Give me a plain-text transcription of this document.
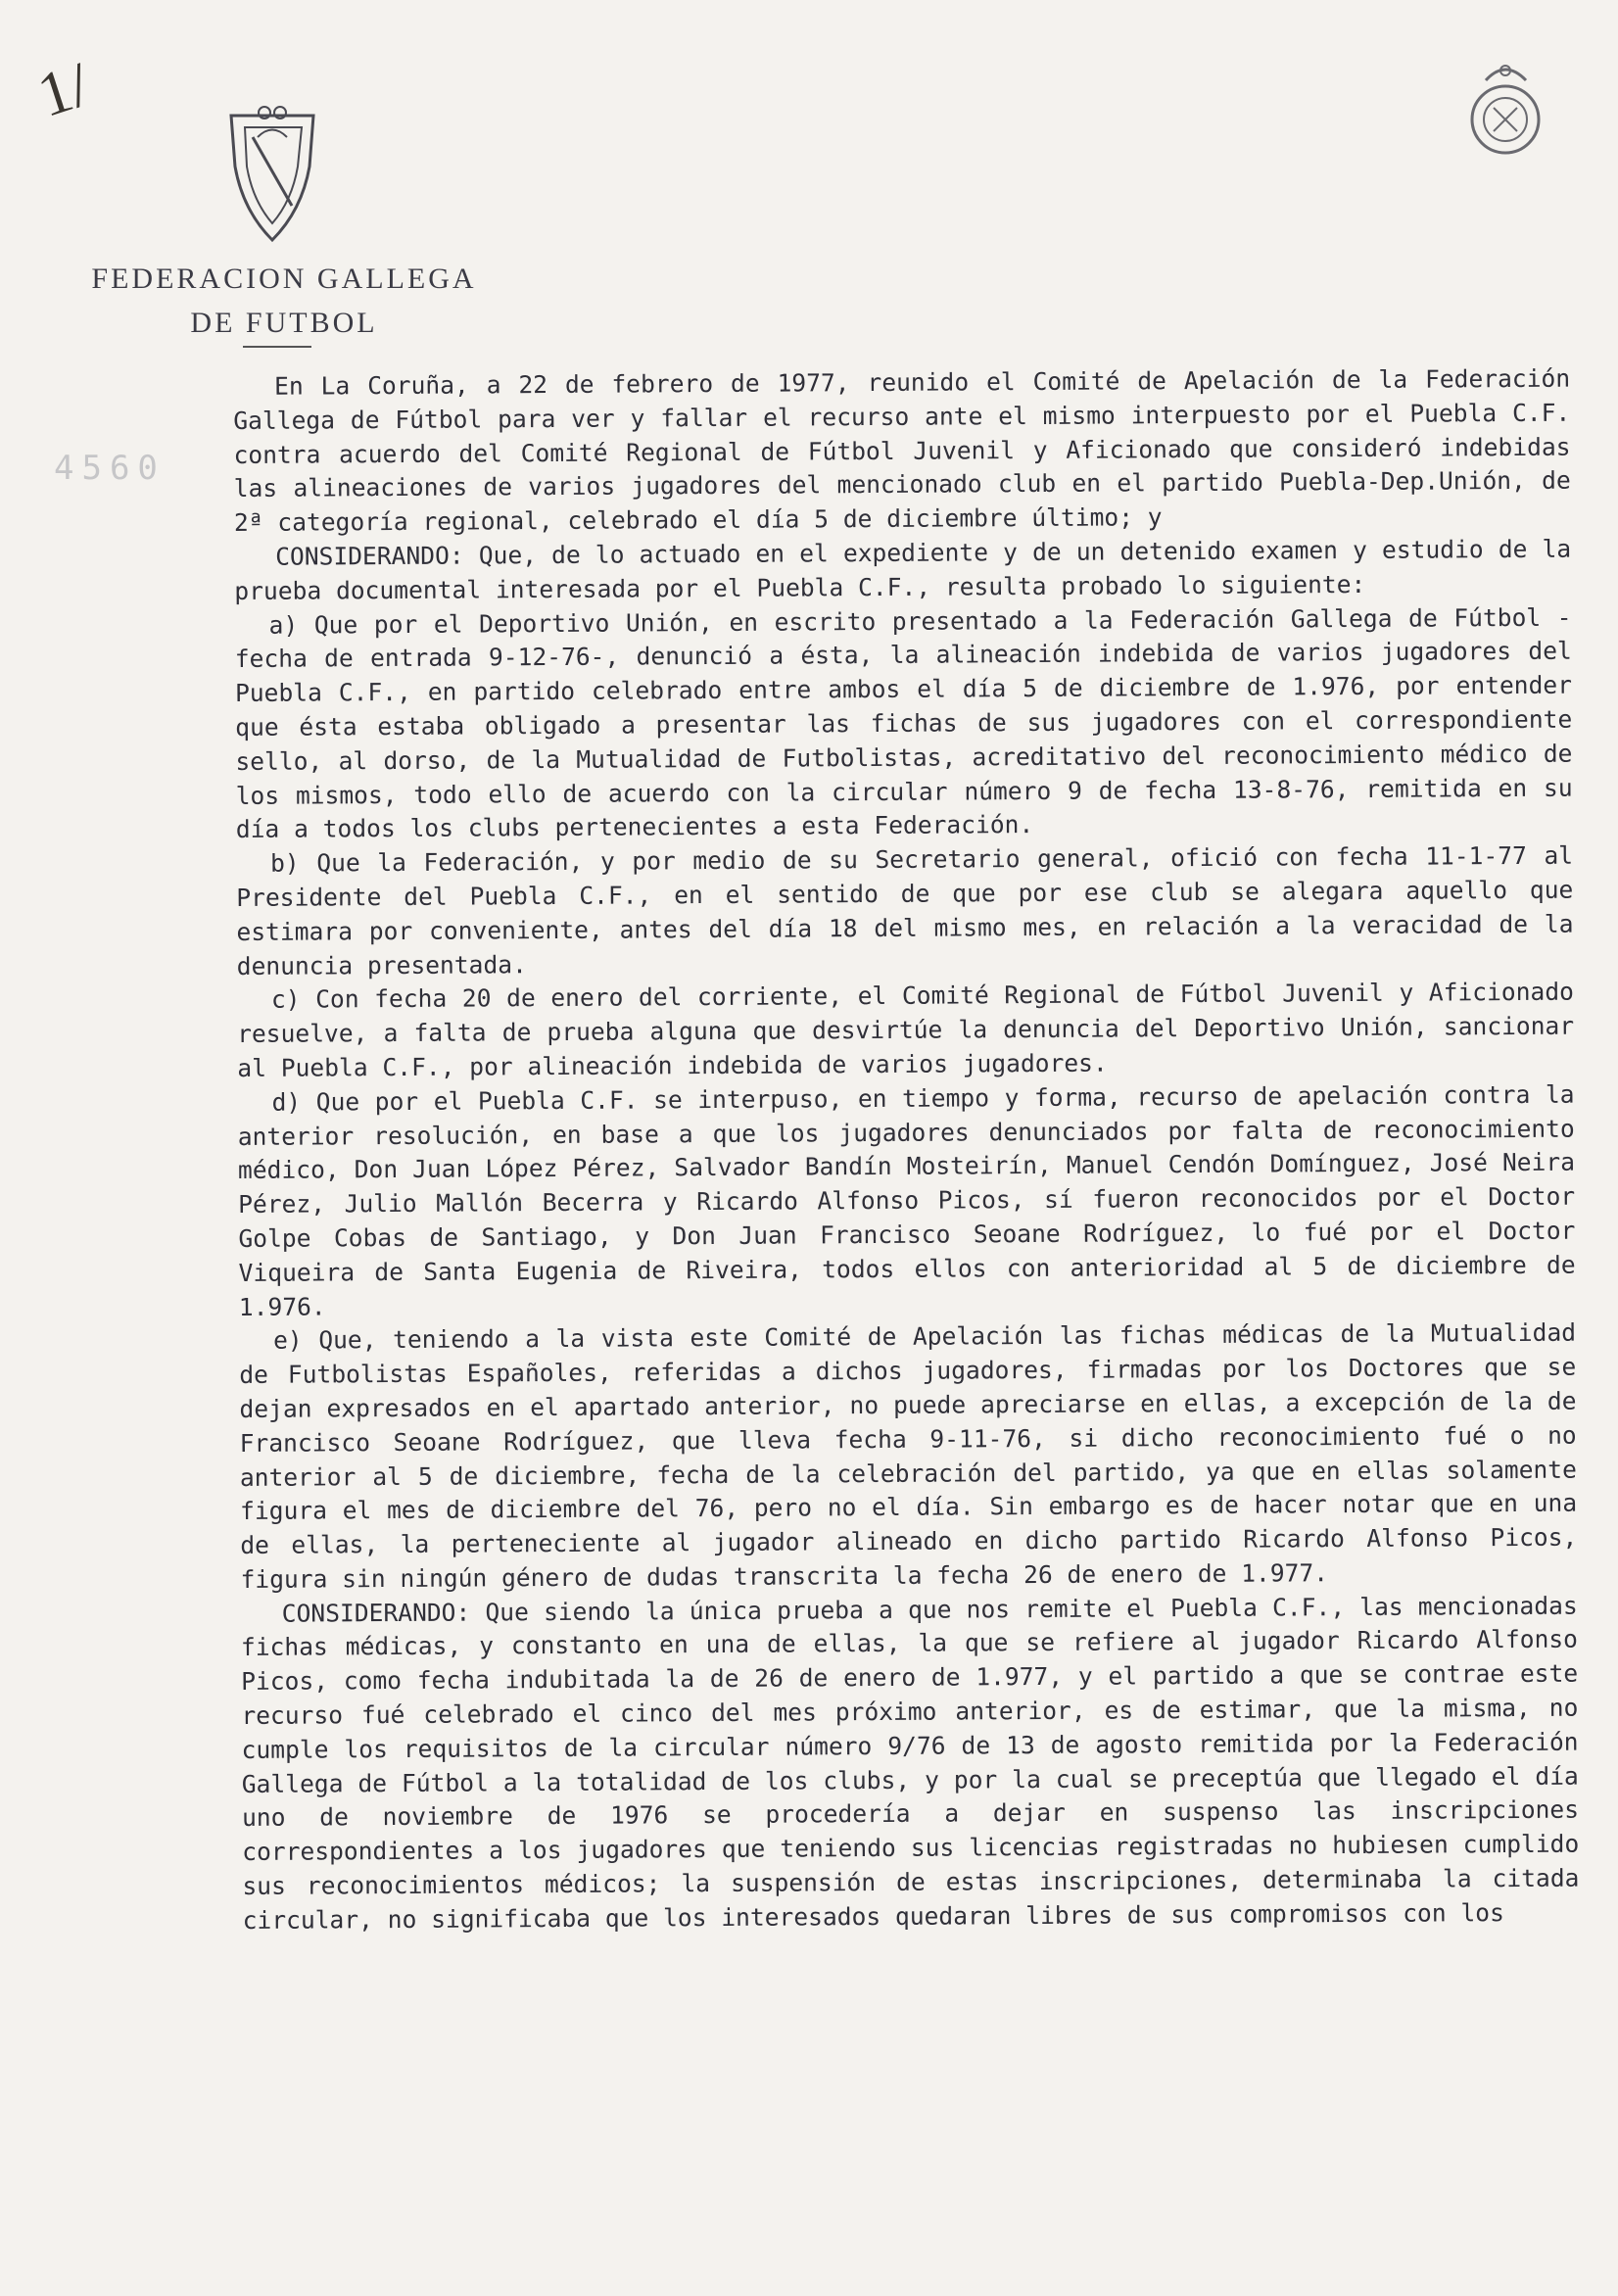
1/
FEDERACION GALLEGA
DE FUTBOL
4560

En La Coruña, a 22 de febrero de 1977, reunido el Comité de Apelación de la Federación Gallega de Fútbol para ver y fallar el recurso ante el mismo interpuesto por el Puebla C.F. contra acuerdo del Comité Regional de Fútbol Juvenil y Aficionado que consideró indebidas las alineaciones de varios jugadores del mencionado club en el partido Puebla-Dep.Unión, de 2ª categoría regional, celebrado el día 5 de diciembre último; y

CONSIDERANDO: Que, de lo actuado en el expediente y de un detenido examen y estudio de la prueba documental interesada por el Puebla C.F., resulta probado lo siguiente:

a) Que por el Deportivo Unión, en escrito presentado a la Federación Gallega de Fútbol -fecha de entrada 9-12-76-, denunció a ésta, la alineación indebida de varios jugadores del Puebla C.F., en partido celebrado entre ambos el día 5 de diciembre de 1.976, por entender que ésta estaba obligado a presentar las fichas de sus jugadores con el correspondiente sello, al dorso, de la Mutualidad de Futbolistas, acreditativo del reconocimiento médico de los mismos, todo ello de acuerdo con la circular número 9 de fecha 13-8-76, remitida en su día a todos los clubs pertenecientes a esta Federación.

b) Que la Federación, y por medio de su Secretario general, ofició con fecha 11-1-77 al Presidente del Puebla C.F., en el sentido de que por ese club se alegara aquello que estimara por conveniente, antes del día 18 del mismo mes, en relación a la veracidad de la denuncia presentada.

c) Con fecha 20 de enero del corriente, el Comité Regional de Fútbol Juvenil y Aficionado resuelve, a falta de prueba alguna que desvirtúe la denuncia del Deportivo Unión, sancionar al Puebla C.F., por alineación indebida de varios jugadores.

d) Que por el Puebla C.F. se interpuso, en tiempo y forma, recurso de apelación contra la anterior resolución, en base a que los jugadores denunciados por falta de reconocimiento médico, Don Juan López Pérez, Salvador Bandín Mosteirín, Manuel Cendón Domínguez, José Neira Pérez, Julio Mallón Becerra y Ricardo Alfonso Picos, sí fueron reconocidos por el Doctor Golpe Cobas de Santiago, y Don Juan Francisco Seoane Rodríguez, lo fué por el Doctor Viqueira de Santa Eugenia de Riveira, todos ellos con anterioridad al 5 de diciembre de 1.976.

e) Que, teniendo a la vista este Comité de Apelación las fichas médicas de la Mutualidad de Futbolistas Españoles, referidas a dichos jugadores, firmadas por los Doctores que se dejan expresados en el apartado anterior, no puede apreciarse en ellas, a excepción de la de Francisco Seoane Rodríguez, que lleva fecha 9-11-76, si dicho reconocimiento fué o no anterior al 5 de diciembre, fecha de la celebración del partido, ya que en ellas solamente figura el mes de diciembre del 76, pero no el día. Sin embargo es de hacer notar que en una de ellas, la perteneciente al jugador alineado en dicho partido Ricardo Alfonso Picos, figura sin ningún género de dudas transcrita la fecha 26 de enero de 1.977.

CONSIDERANDO: Que siendo la única prueba a que nos remite el Puebla C.F., las mencionadas fichas médicas, y constanto en una de ellas, la que se refiere al jugador Ricardo Alfonso Picos, como fecha indubitada la de 26 de enero de 1.977, y el partido a que se contrae este recurso fué celebrado el cinco del mes próximo anterior, es de estimar, que la misma, no cumple los requisitos de la circular número 9/76 de 13 de agosto remitida por la Federación Gallega de Fútbol a la totalidad de los clubs, y por la cual se preceptúa que llegado el día uno de noviembre de 1976 se procedería a dejar en suspenso las inscripciones correspondientes a los jugadores que teniendo sus licencias registradas no hubiesen cumplido sus reconocimientos médicos; la suspensión de estas inscripciones, determinaba la citada circular, no significaba que los interesados quedaran libres de sus compromisos con los
